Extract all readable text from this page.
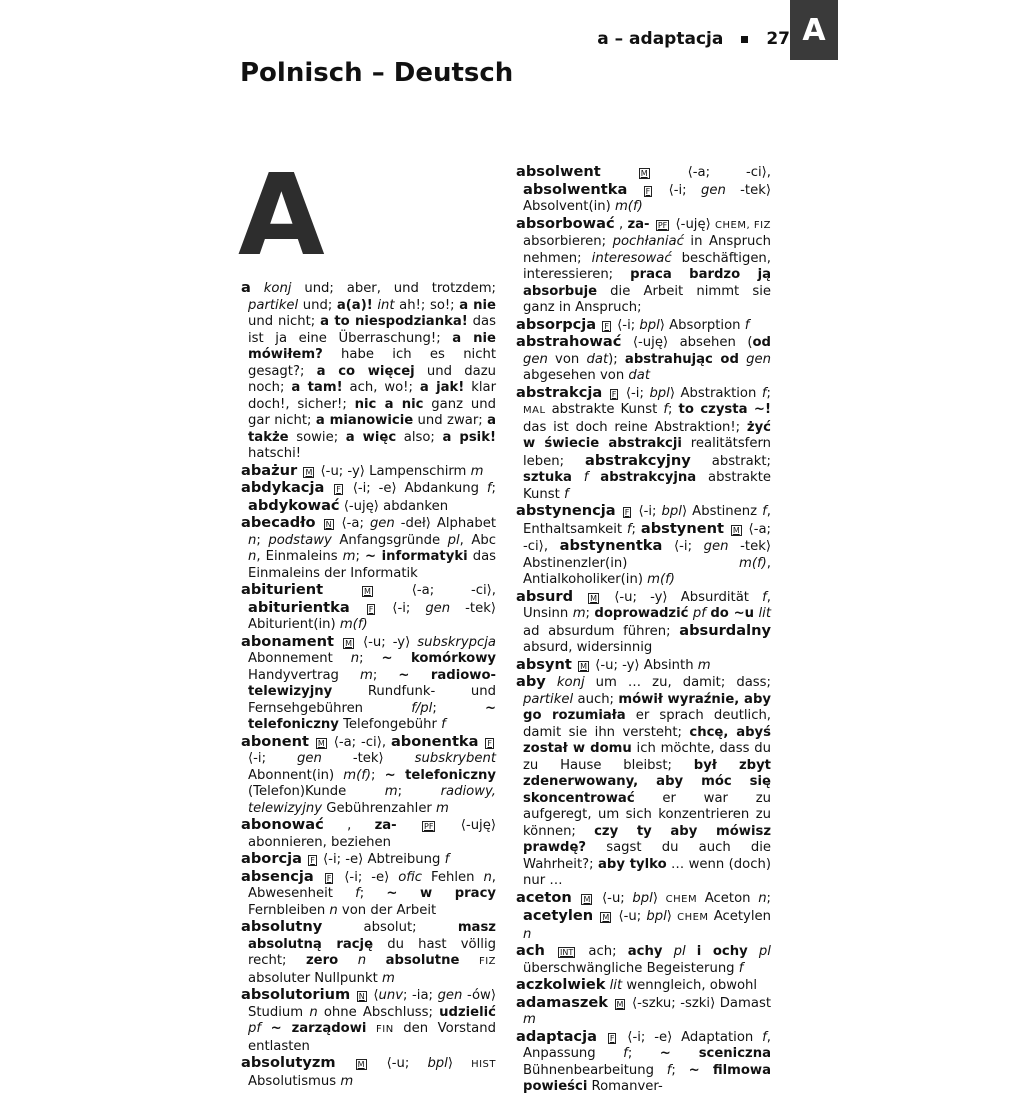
a – adaptacja	27 A
Polnisch – Deutsch
A

a konj und; aber, und trotzdem; partikel und; a(a)! int ah!; so!; a nie und nicht; a to niespodzianka! das ist ja eine Überraschung!; a nie mówiłem? habe ich es nicht gesagt?; a co więcej und dazu noch; a tam! ach, wo!; a jak! klar doch!, sicher!; nic a nic ganz und gar nicht; a mianowicie und zwar; a także sowie; a więc also; a psik! hatschi!

abażur M ⟨-u; -y⟩ Lampenschirm m

abdykacja F ⟨-i; -e⟩ Abdankung f; abdykować ⟨-uję⟩ abdanken

abecadło N ⟨-a; gen -deł⟩ Alphabet n; podstawy Anfangsgründe pl, Abc n, Einmaleins m; ~ informatyki das Einmaleins der Informatik

abiturient	M ⟨-a; -ci⟩, abiturientka F ⟨-i; gen -tek⟩ Abiturient(in) m(f)

abonament M ⟨-u; -y⟩ subskrypcja Abonnement n; ~ komórkowy Handyvertrag m; ~ radiowo-telewizyjny Rundfunk- und Fernsehgebühren f/pl; ~ telefoniczny Telefongebühr f

abonent M ⟨-a; -ci⟩, abonentka F ⟨-i; gen -tek⟩ subskrybent Abonnent(in) m(f); ~ telefoniczny (Telefon)Kunde m; radiowy, telewizyjny Gebührenzahler m

abonować , za-	PF ⟨-uję⟩ abonnieren, beziehen

aborcja F ⟨-i; -e⟩ Abtreibung f

absencja F ⟨-i; -e⟩ ofic Fehlen n, Abwesenheit f; ~ w pracy Fernbleiben n von der Arbeit

absolutny	absolut; masz absolutną rację du hast völlig recht; zero n absolutne FIZ absoluter Nullpunkt m

absolutorium N ⟨unv; -ia; gen -ów⟩ Studium n ohne Abschluss; udzielić pf ~ zarządowi FIN den Vorstand entlasten

absolutyzm	M ⟨-u; bpl⟩ HIST Absolutismus m

absolwent	M ⟨-a; -ci⟩, absolwentka F ⟨-i; gen -tek⟩ Absolvent(in) m(f)

absorbować , za- PF ⟨-uję⟩ CHEM, FIZ absorbieren; pochłaniać in Anspruch nehmen; interesować beschäftigen, interessieren; praca bardzo ją absorbuje die Arbeit nimmt sie ganz in Anspruch;

absorpcja F ⟨-i; bpl⟩ Absorption f

abstrahować ⟨-uję⟩ absehen (od gen von dat); abstrahując od gen abgesehen von dat

abstrakcja F ⟨-i; bpl⟩ Abstraktion f; MAL abstrakte Kunst f; to czysta ~! das ist doch reine Abstraktion!; żyć w świecie abstrakcji realitätsfern leben; abstrakcyjny abstrakt; sztuka f abstrakcyjna abstrakte Kunst f

abstynencja F ⟨-i; bpl⟩ Abstinenz f, Enthaltsamkeit f; abstynent M ⟨-a; -ci⟩, abstynentka ⟨-i; gen -tek⟩ Abstinenzler(in) m(f), Antialkoholiker(in) m(f)

absurd M ⟨-u; -y⟩ Absurdität f, Unsinn m; doprowadzić pf do ~u lit ad absurdum führen; absurdalny absurd, widersinnig

absynt M ⟨-u; -y⟩ Absinth m

aby konj um … zu, damit; dass; partikel auch; mówił wyraźnie, aby go rozumiała er sprach deutlich, damit sie ihn versteht; chcę, abyś został w domu ich möchte, dass du zu Hause bleibst; był zbyt zdenerwowany, aby móc się skoncentrować er war zu aufgeregt, um sich konzentrieren zu können; czy ty aby mówisz prawdę? sagst du auch die Wahrheit?; aby tylko … wenn (doch) nur …

aceton M ⟨-u; bpl⟩ CHEM Aceton n; acetylen M ⟨-u; bpl⟩ CHEM Acetylen n

ach INT ach; achy pl i ochy pl überschwängliche Begeisterung f

aczkolwiek lit wenngleich, obwohl

adamaszek M ⟨-szku; -szki⟩ Damast m

adaptacja F ⟨-i; -e⟩ Adaptation f, Anpassung f; ~ sceniczna Bühnenbearbeitung f; ~ filmowa powieści Romanver-
